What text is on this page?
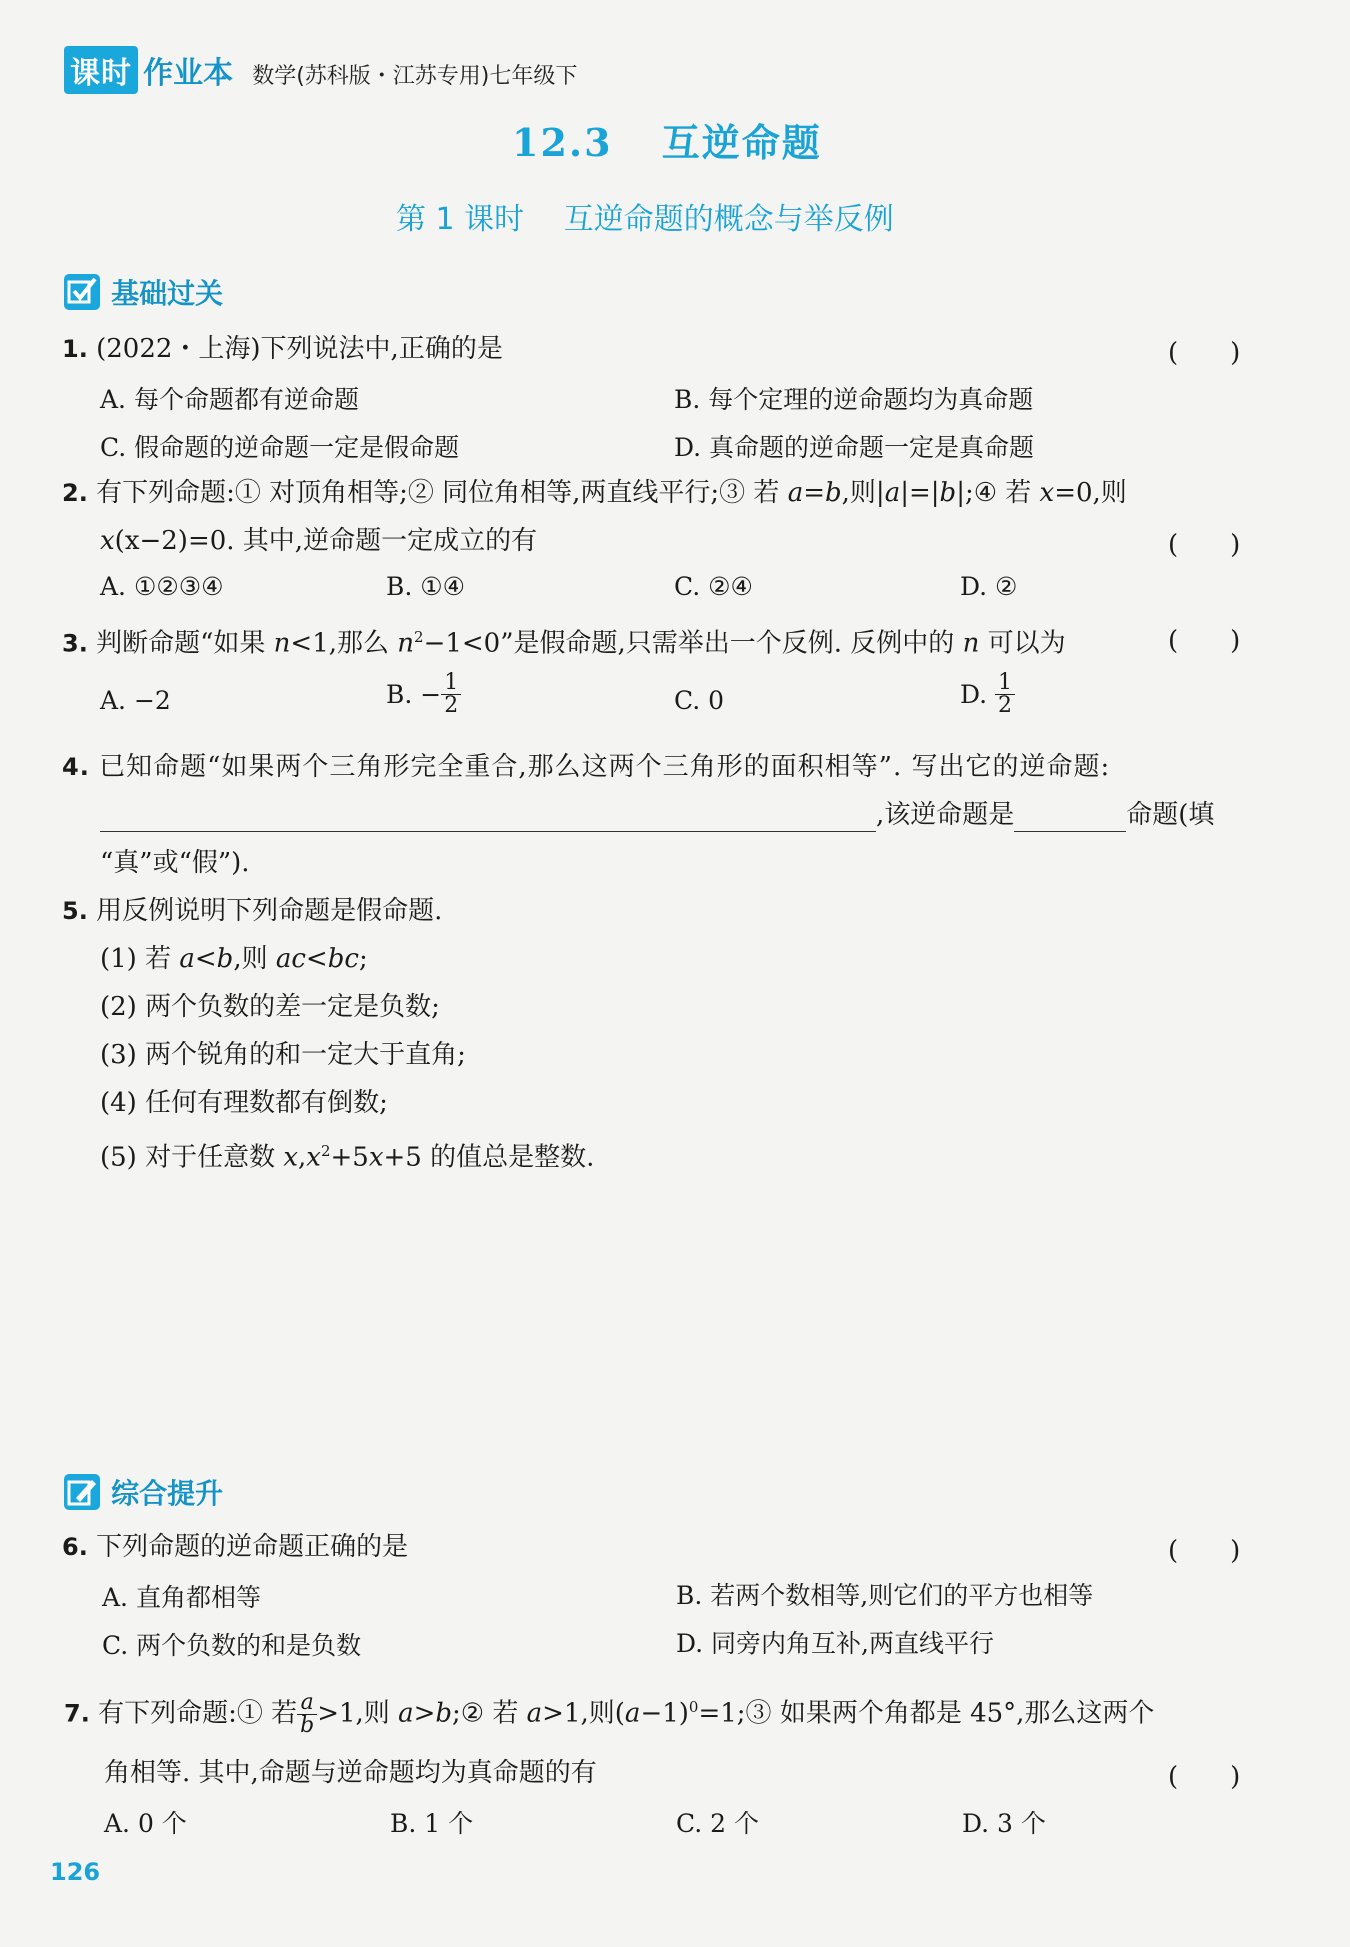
课时 作业本 数学(苏科版・江苏专用)七年级下
12.3 互逆命题
第 1 课时 互逆命题的概念与举反例
基础过关
1. (2022・上海)下列说法中,正确的是	(　　)
A. 每个命题都有逆命题	B. 每个定理的逆命题均为真命题
C. 假命题的逆命题一定是假命题	D. 真命题的逆命题一定是真命题
2. 有下列命题:① 对顶角相等;② 同位角相等,两直线平行;③ 若 a=b,则|a|=|b|;④ 若 x=0,则
x(x−2)=0. 其中,逆命题一定成立的有	(　　)
A. ①②③④	B. ①④	C. ②④	D. ②
3. 判断命题“如果 n<1,那么 $n^2-1<0$”是假命题,只需举出一个反例. 反例中的 n 可以为	(　　)
A. −2	B. − $\frac{1}{2}$	C. 0	D. $\frac{1}{2}$
4. 已知命题“如果两个三角形完全重合,那么这两个三角形的面积相等”. 写出它的逆命题:
,该逆命题是	命题(填
“真”或“假”).
5. 用反例说明下列命题是假命题.
(1) 若 a<b,则 ac<bc;
(2) 两个负数的差一定是负数;
(3) 两个锐角的和一定大于直角;
(4) 任何有理数都有倒数;
(5) 对于任意数 $x,x^2+5x+5$ 的值总是整数.
综合提升
6. 下列命题的逆命题正确的是	(　　)
A. 直角都相等	B. 若两个数相等,则它们的平方也相等
C. 两个负数的和是负数	D. 同旁内角互补,两直线平行
7. 有下列命题:① 若 $\frac{a}{b} >1$,则 a>b;② 若 a>1,则$(a-1)^0=1;③$ 如果两个角都是 45°,那么这两个
角相等. 其中,命题与逆命题均为真命题的有	(　　)
A. 0 个	B. 1 个	C. 2 个	D. 3 个
126
